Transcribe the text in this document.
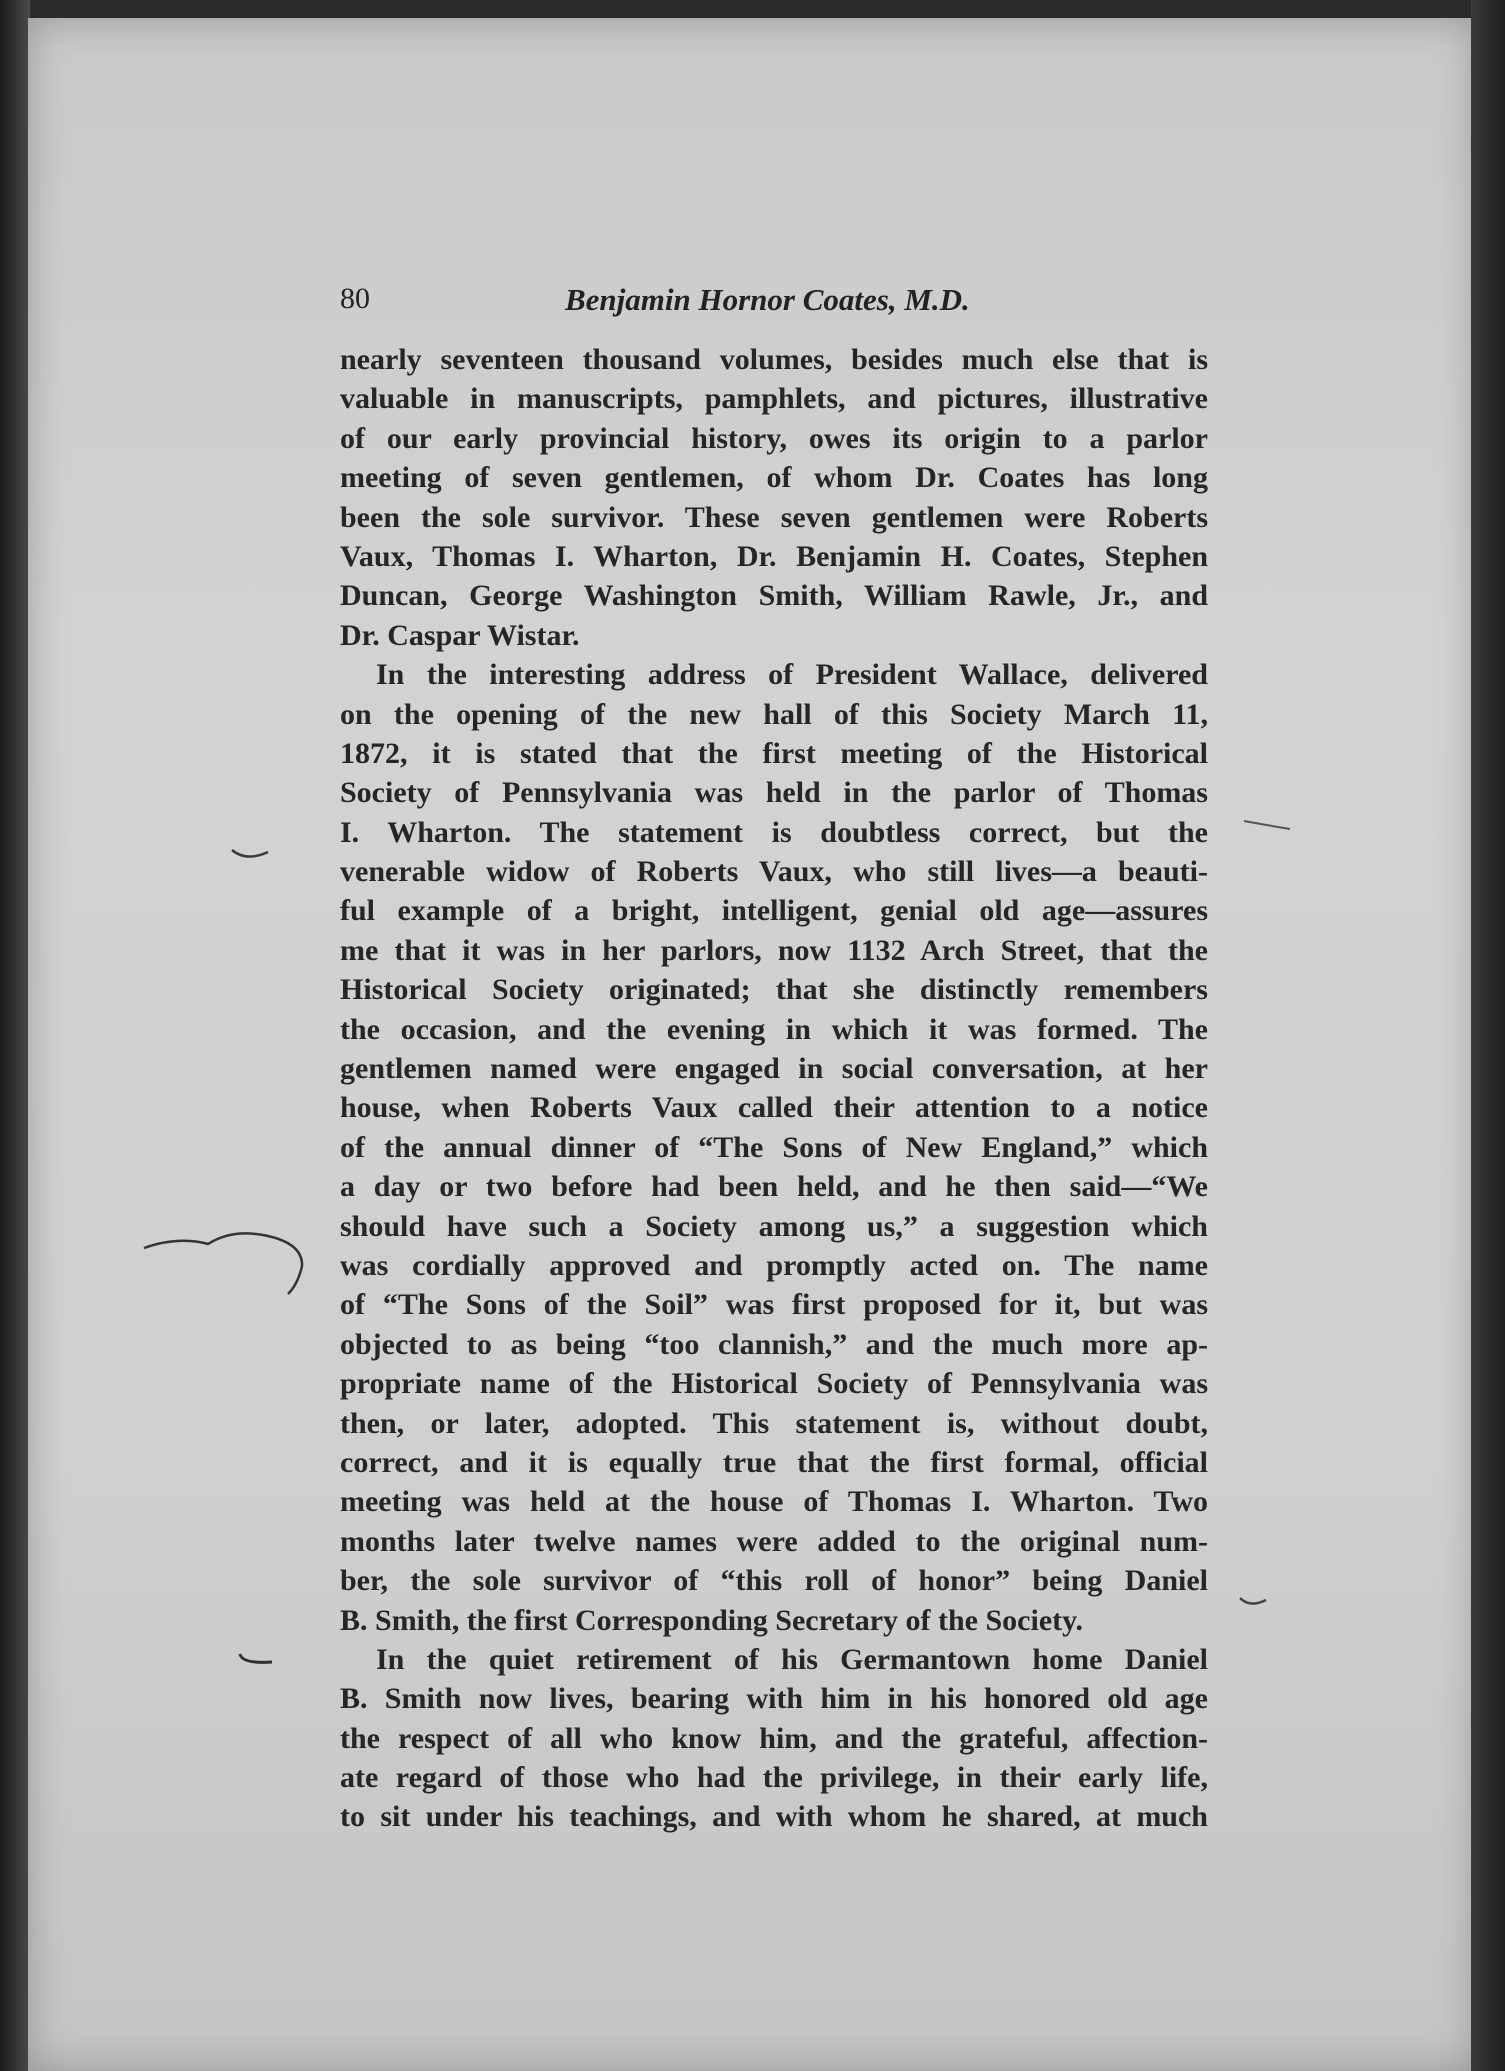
80	Benjamin Hornor Coates, M.D.
nearly seventeen thousand volumes, besides much else that is
valuable in manuscripts, pamphlets, and pictures, illustrative
of our early provincial history, owes its origin to a parlor
meeting of seven gentlemen, of whom Dr. Coates has long
been the sole survivor. These seven gentlemen were Roberts
Vaux, Thomas I. Wharton, Dr. Benjamin H. Coates, Stephen
Duncan, George Washington Smith, William Rawle, Jr., and
Dr. Caspar Wistar.
In the interesting address of President Wallace, delivered
on the opening of the new hall of this Society March 11,
1872, it is stated that the first meeting of the Historical
Society of Pennsylvania was held in the parlor of Thomas
I. Wharton. The statement is doubtless correct, but the
venerable widow of Roberts Vaux, who still lives—a beauti-
ful example of a bright, intelligent, genial old age—assures
me that it was in her parlors, now 1132 Arch Street, that the
Historical Society originated; that she distinctly remembers
the occasion, and the evening in which it was formed. The
gentlemen named were engaged in social conversation, at her
house, when Roberts Vaux called their attention to a notice
of the annual dinner of “The Sons of New England,” which
a day or two before had been held, and he then said—“We
should have such a Society among us,” a suggestion which
was cordially approved and promptly acted on. The name
of “The Sons of the Soil” was first proposed for it, but was
objected to as being “too clannish,” and the much more ap-
propriate name of the Historical Society of Pennsylvania was
then, or later, adopted. This statement is, without doubt,
correct, and it is equally true that the first formal, official
meeting was held at the house of Thomas I. Wharton. Two
months later twelve names were added to the original num-
ber, the sole survivor of “this roll of honor” being Daniel
B. Smith, the first Corresponding Secretary of the Society.
In the quiet retirement of his Germantown home Daniel
B. Smith now lives, bearing with him in his honored old age
the respect of all who know him, and the grateful, affection-
ate regard of those who had the privilege, in their early life,
to sit under his teachings, and with whom he shared, at much
